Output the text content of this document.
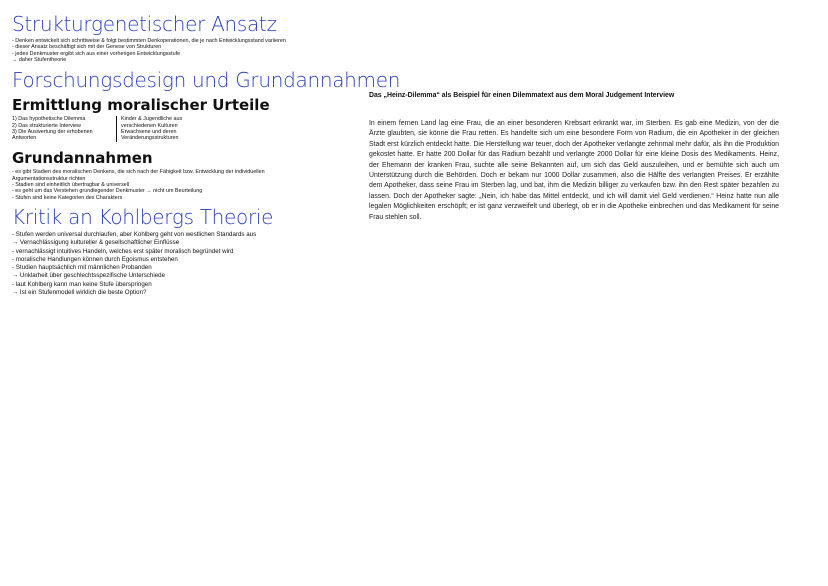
Strukturgenetischer Ansatz

- Denken entwickelt sich schrittweise & folgt bestimmten Denkoperationen, die je nach Entwicklungsstand variieren

- dieser Ansatz beschäftigt sich mit der Genese von Strukturen

- jedes Denkmuster ergibt sich aus einer vorherigen Entwicklungsstufe

→ daher Stufentheorie

Forschungsdesign und Grundannahmen
Ermittlung moralischer Urteile

1) Das hypothetische Dilemma

2) Das strukturierte Interview

3) Die Auswertung der erhobenen

Antworten

Kinder & Jugendliche aus

verschiedenen Kulturen

Erwachsene und deren

Veränderungsstrukturen

Grundannahmen

- es gibt Stadien des moralischen Denkens, die sich nach der Fähigkeit bzw. Entwicklung der individuellen

Argumentationsstruktur richten

- Stadien sind einheitlich übertragbar & universell

- es geht um das Verstehen grundlegender Denkmuster → nicht um Beurteilung

- Stufen sind keine Kategorien des Charakters

Kritik an Kohlbergs Theorie

- Stufen werden universal durchlaufen, aber Kohlberg geht von westlichen Standards aus

→ Vernachlässigung kultureller & gesellschaftlicher Einflüsse

- vernachlässigt intuitives Handeln, welches erst später moralisch begründet wird

- moralische Handlungen können durch Egoismus entstehen

- Studien hauptsächlich mit männlichen Probanden

→ Unklarheit über geschlechtsspezifische Unterschiede

- laut Kohlberg kann man keine Stufe überspringen

→ Ist ein Stufenmodell wirklich die beste Option?

Das „Heinz-Dilemma“ als Beispiel für einen Dilemmatext aus dem Moral Judgement Interview

In einem fernen Land lag eine Frau, die an einer besonderen Krebsart erkrankt war, im Sterben. Es gab eine Medizin, von der die Ärzte glaubten, sie könne die Frau retten. Es handelte sich um eine besondere Form von Radium, die ein Apotheker in der gleichen Stadt erst kürzlich entdeckt hatte. Die Herstellung war teuer, doch der Apotheker verlangte zehnmal mehr dafür, als ihn die Produktion gekostet hatte. Er hatte 200 Dollar für das Radium bezahlt und verlangte 2000 Dollar für eine kleine Dosis des Medikaments. Heinz, der Ehemann der kranken Frau, suchte alle seine Bekannten auf, um sich das Geld auszuleihen, und er bemühte sich auch um Unterstützung durch die Behörden. Doch er bekam nur 1000 Dollar zusammen, also die Hälfte des verlangten Preises. Er erzählte dem Apotheker, dass seine Frau im Sterben lag, und bat, ihm die Medizin billiger zu verkaufen bzw. ihn den Rest später bezahlen zu lassen. Doch der Apotheker sagte: „Nein, ich habe das Mittel entdeckt, und ich will damit viel Geld verdienen.“ Heinz hatte nun alle legalen Möglichkeiten erschöpft; er ist ganz verzweifelt und überlegt, ob er in die Apotheke einbrechen und das Medikament für seine Frau stehlen soll.
